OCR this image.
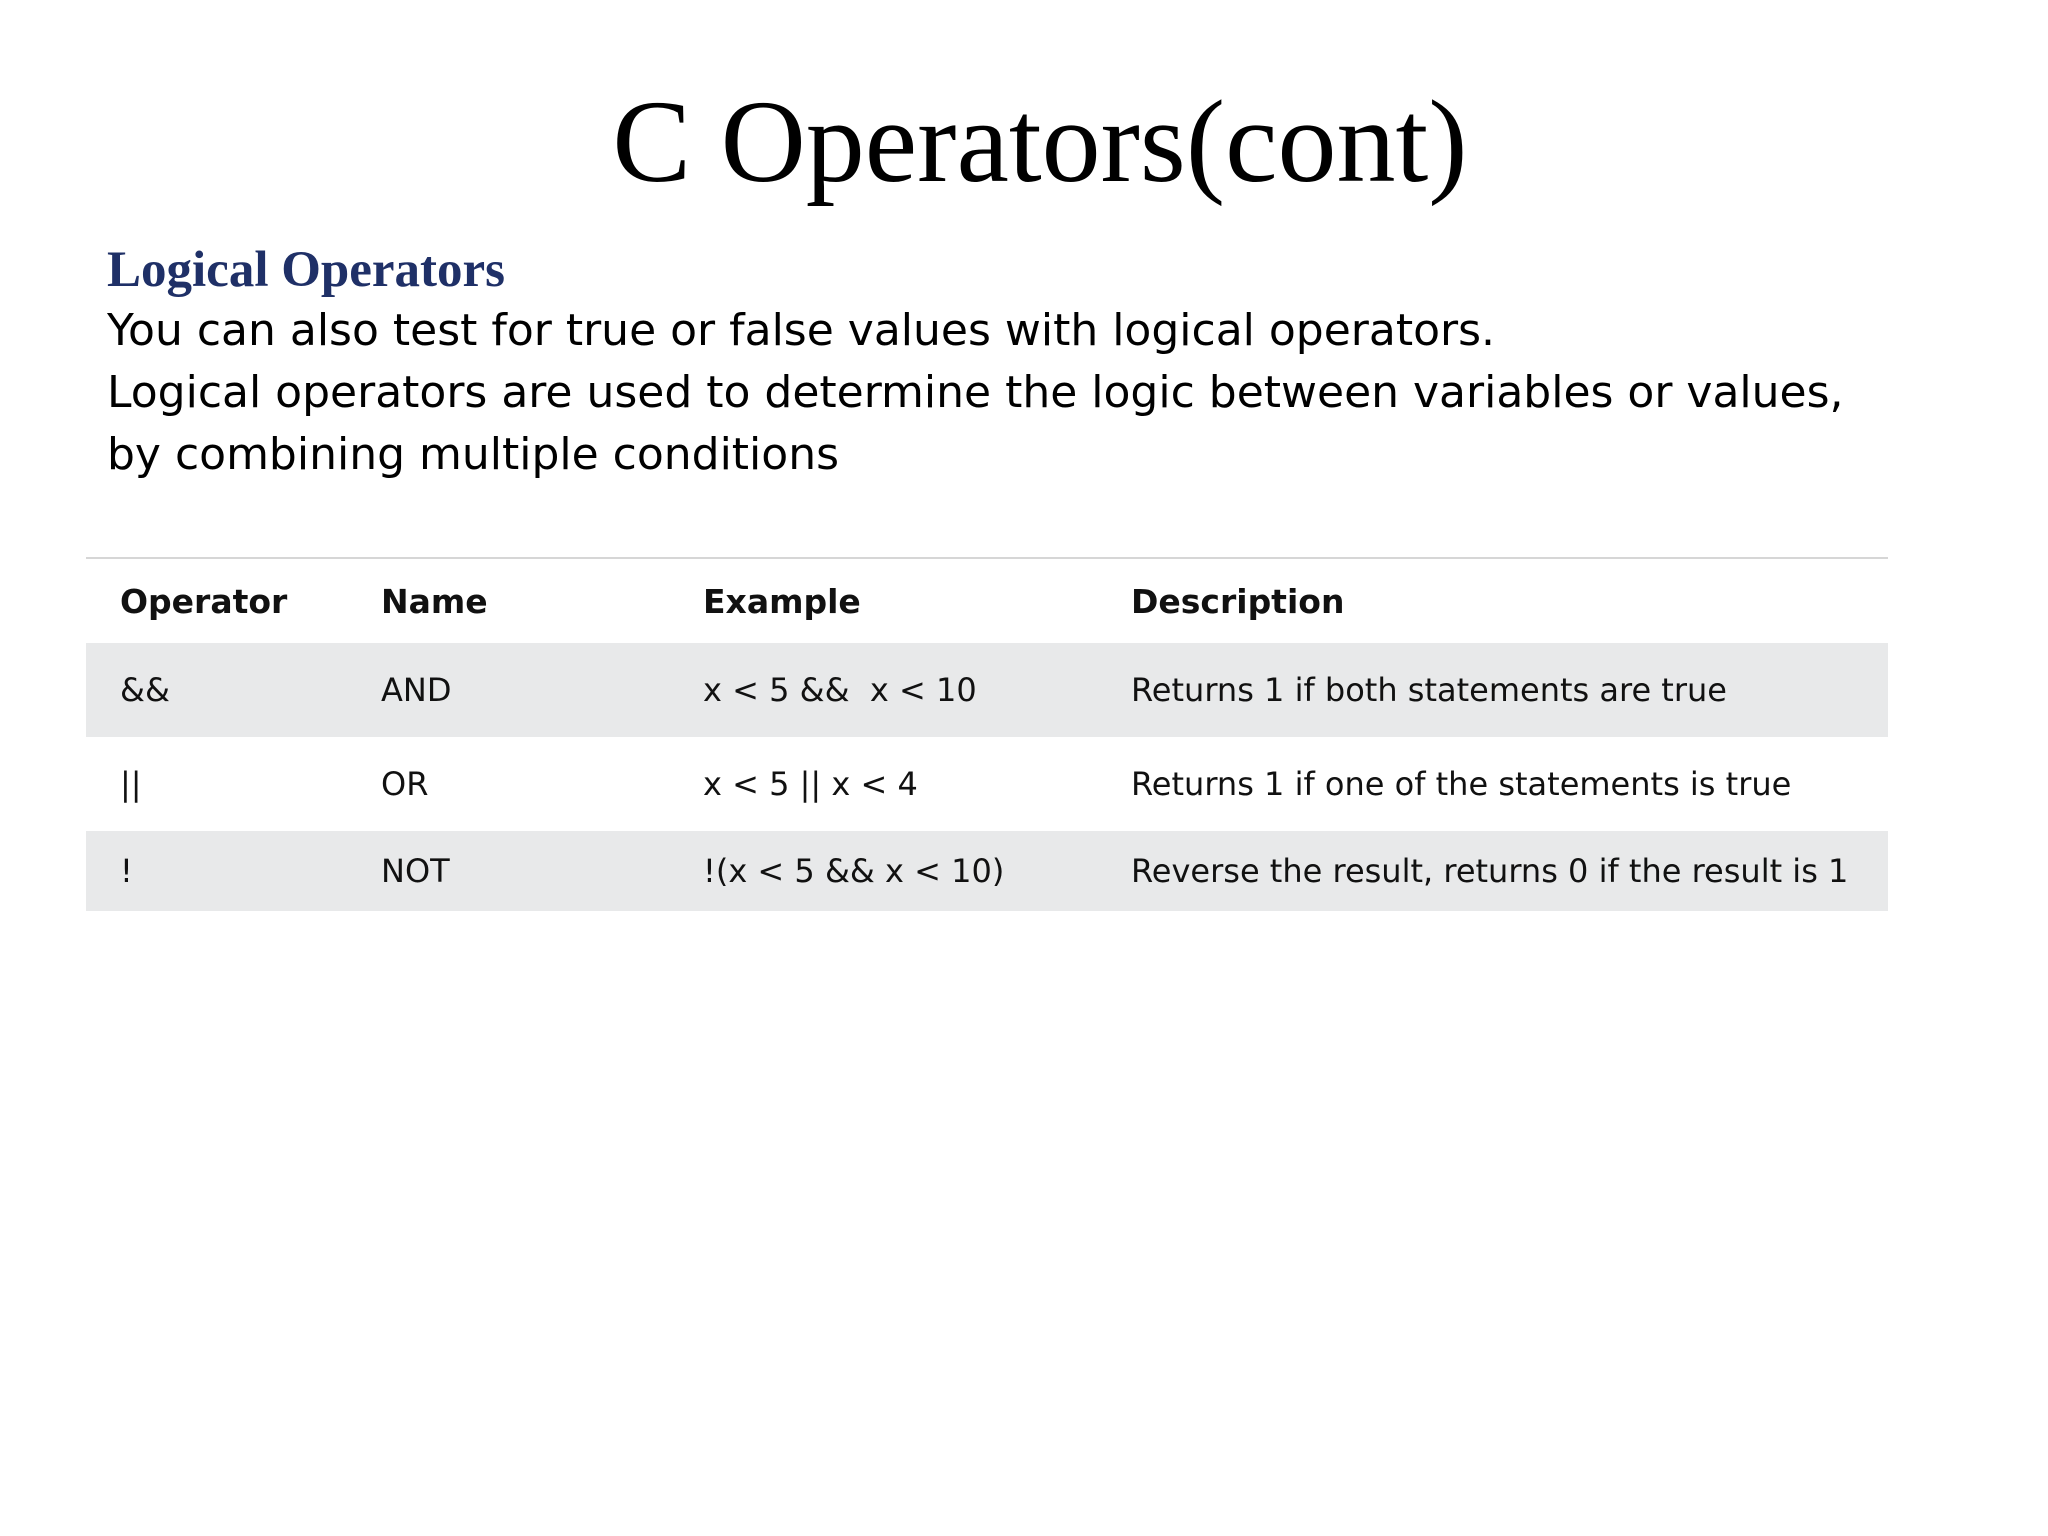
C Operators(cont)
Logical Operators

You can also test for true or false values with logical operators.

Logical operators are used to determine the logic between variables or values, by combining multiple conditions

Operator	Name	Example	Description
&&	AND	x < 5 &&  x < 10	Returns 1 if both statements are true
||	OR	x < 5 || x < 4	Returns 1 if one of the statements is true
!	NOT	!(x < 5 && x < 10)	Reverse the result, returns 0 if the result is 1
